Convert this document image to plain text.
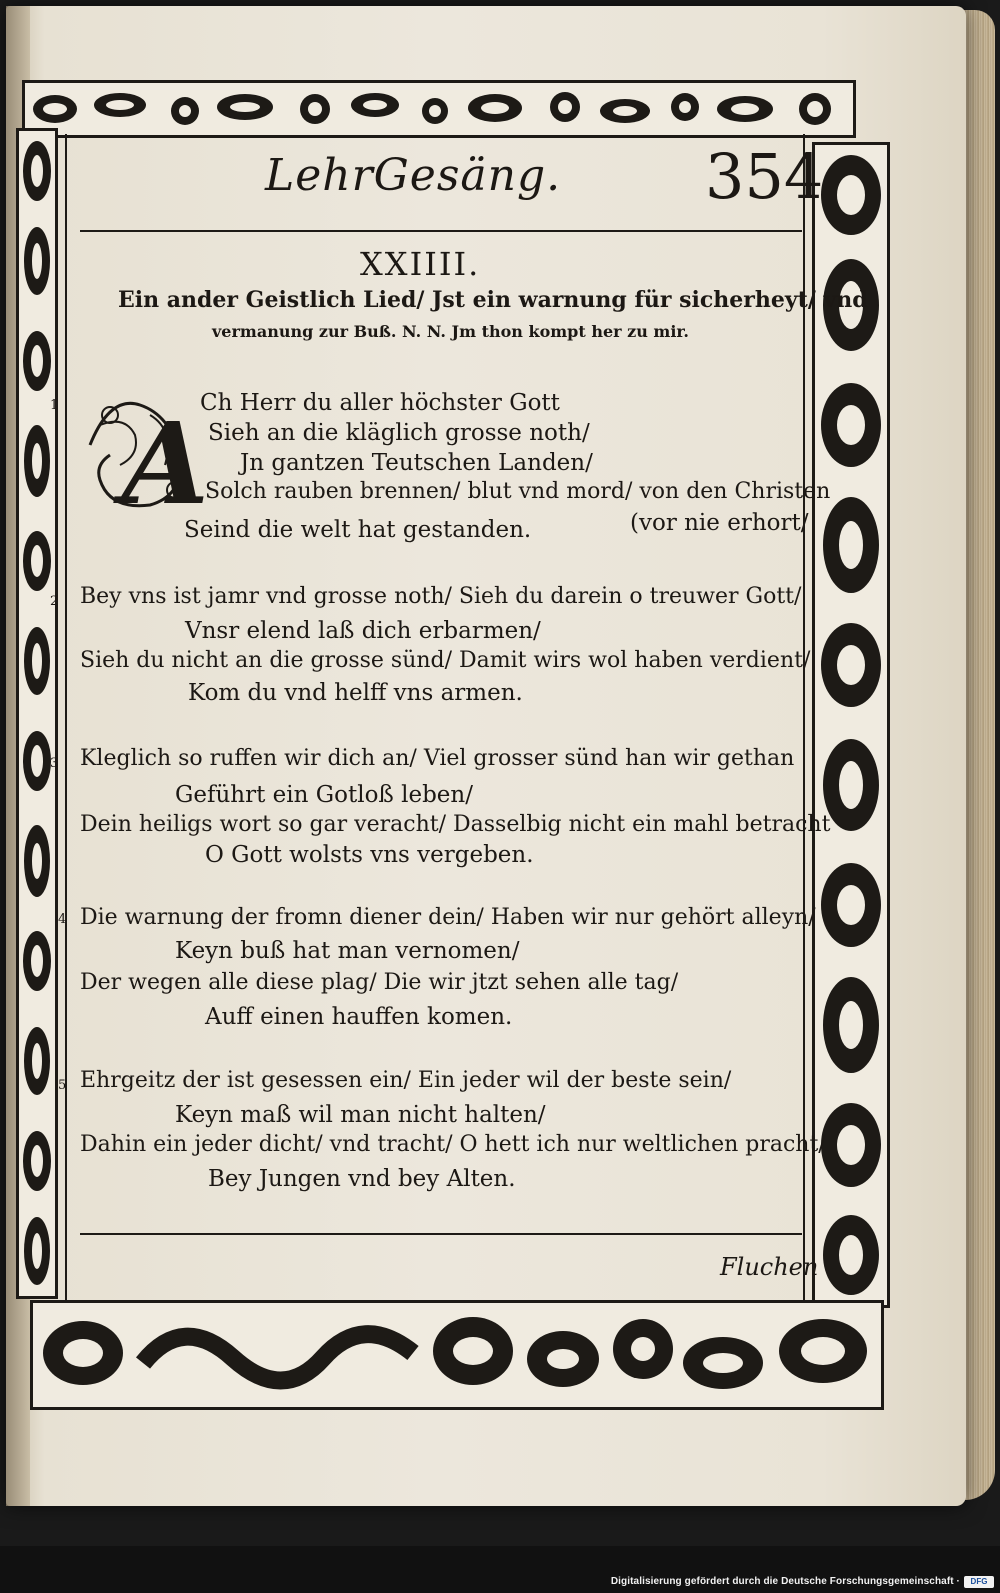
LehrGesäng. 354
XXIIII.
Ein ander Geistlich Lied/ Jst ein warnung für sicherheyt/ vnd
vermanung zur Buß. N. N. Jm thon kompt her zu mir.
A
1	Ch Herr du aller höchster Gott
Sieh an die kläglich grosse noth/
Jn gantzen Teutschen Landen/
Solch rauben brennen/ blut vnd mord/ von den Christen
Seind die welt hat gestanden.	(vor nie erhort/
2 Bey vns ist jamr vnd grosse noth/ Sieh du darein o treuwer Gott/
Vnsr elend laß dich erbarmen/
Sieh du nicht an die grosse sünd/ Damit wirs wol haben verdient/
Kom du vnd helff vns armen.
3 Kleglich so ruffen wir dich an/ Viel grosser sünd han wir gethan
Geführt ein Gotloß leben/
Dein heiligs wort so gar veracht/ Dasselbig nicht ein mahl betracht
O Gott wolsts vns vergeben.
4 Die warnung der fromn diener dein/ Haben wir nur gehört alleyn/
Keyn buß hat man vernomen/
Der wegen alle diese plag/ Die wir jtzt sehen alle tag/
Auff einen hauffen komen.
5 Ehrgeitz der ist gesessen ein/ Ein jeder wil der beste sein/
Keyn maß wil man nicht halten/
Dahin ein jeder dicht/ vnd tracht/ O hett ich nur weltlichen pracht/
Bey Jungen vnd bey Alten.
Fluchen
Digitalisierung gefördert durch die Deutsche Forschungsgemeinschaft ·	DFG
